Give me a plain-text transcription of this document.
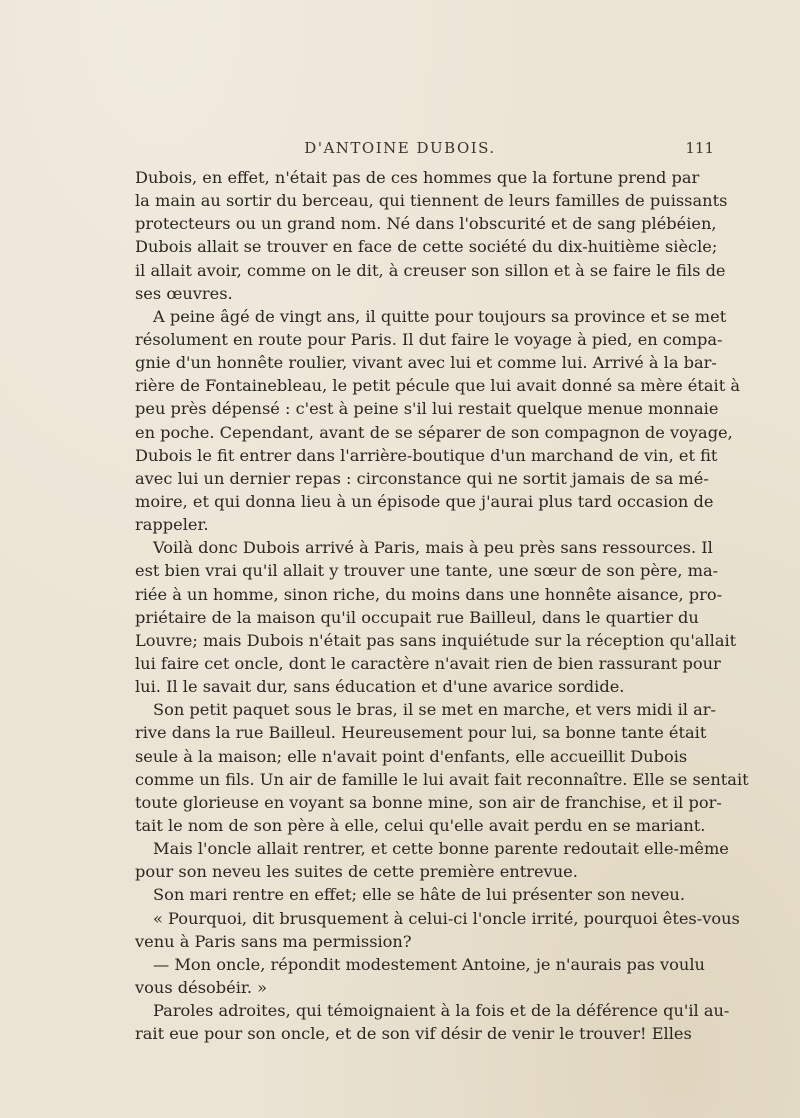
D'ANTOINE DUBOIS.	111
Dubois, en effet, n'était pas de ces hommes que la fortune prend par
la main au sortir du berceau, qui tiennent de leurs familles de puissants
protecteurs ou un grand nom. Né dans l'obscurité et de sang plébéien,
Dubois allait se trouver en face de cette société du dix-huitième siècle;
il allait avoir, comme on le dit, à creuser son sillon et à se faire le fils de
ses œuvres.
A peine âgé de vingt ans, il quitte pour toujours sa province et se met
résolument en route pour Paris. Il dut faire le voyage à pied, en compa-
gnie d'un honnête roulier, vivant avec lui et comme lui. Arrivé à la bar-
rière de Fontainebleau, le petit pécule que lui avait donné sa mère était à
peu près dépensé : c'est à peine s'il lui restait quelque menue monnaie
en poche. Cependant, avant de se séparer de son compagnon de voyage,
Dubois le fit entrer dans l'arrière-boutique d'un marchand de vin, et fit
avec lui un dernier repas : circonstance qui ne sortit jamais de sa mé-
moire, et qui donna lieu à un épisode que j'aurai plus tard occasion de
rappeler.
Voilà donc Dubois arrivé à Paris, mais à peu près sans ressources. Il
est bien vrai qu'il allait y trouver une tante, une sœur de son père, ma-
riée à un homme, sinon riche, du moins dans une honnête aisance, pro-
priétaire de la maison qu'il occupait rue Bailleul, dans le quartier du
Louvre; mais Dubois n'était pas sans inquiétude sur la réception qu'allait
lui faire cet oncle, dont le caractère n'avait rien de bien rassurant pour
lui. Il le savait dur, sans éducation et d'une avarice sordide.
Son petit paquet sous le bras, il se met en marche, et vers midi il ar-
rive dans la rue Bailleul. Heureusement pour lui, sa bonne tante était
seule à la maison; elle n'avait point d'enfants, elle accueillit Dubois
comme un fils. Un air de famille le lui avait fait reconnaître. Elle se sentait
toute glorieuse en voyant sa bonne mine, son air de franchise, et il por-
tait le nom de son père à elle, celui qu'elle avait perdu en se mariant.
Mais l'oncle allait rentrer, et cette bonne parente redoutait elle-même
pour son neveu les suites de cette première entrevue.
Son mari rentre en effet; elle se hâte de lui présenter son neveu.
« Pourquoi, dit brusquement à celui-ci l'oncle irrité, pourquoi êtes-vous
venu à Paris sans ma permission?
— Mon oncle, répondit modestement Antoine, je n'aurais pas voulu
vous désobéir. »
Paroles adroites, qui témoignaient à la fois et de la déférence qu'il au-
rait eue pour son oncle, et de son vif désir de venir le trouver! Elles
